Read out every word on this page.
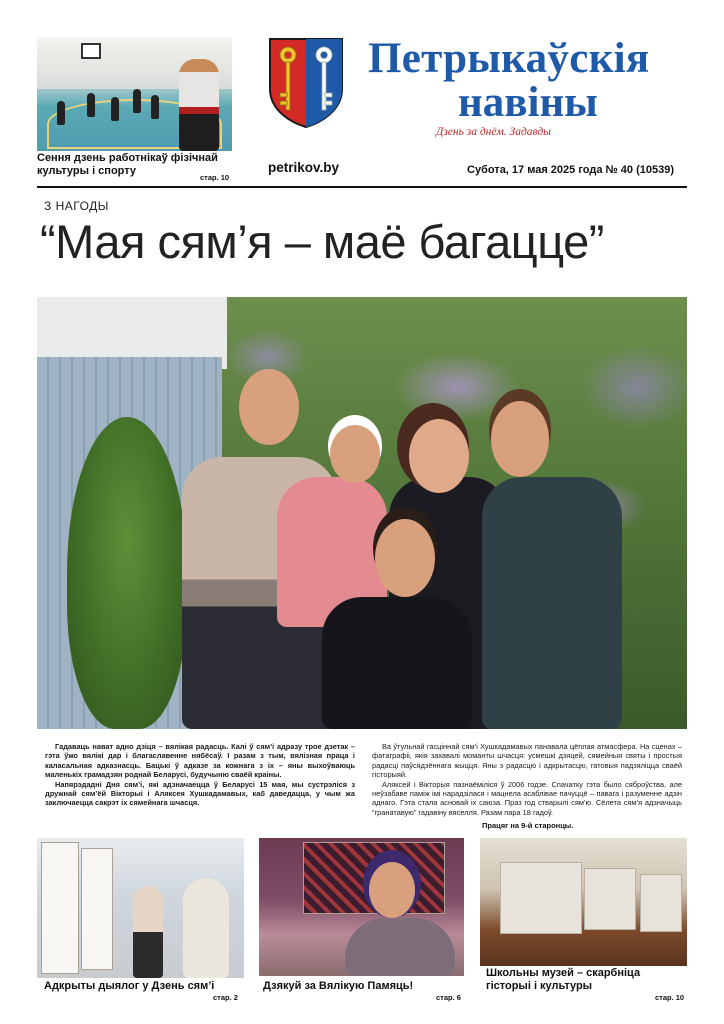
Сення дзень работнікаў фізічнай культуры і спорту
стар. 10
petrikov.by
Петрыкаўскія
навіны
Дзень за днём. Задавды
Субота, 17 мая 2025 года № 40 (10539)
З НАГОДЫ
“Мая сям’я – маё багацце”

Гадаваць нават адно дзіця – вялікая радасць. Калі ў сям’і адразу трое дзетак – гэта ўжо вялікі дар і благаславенне нябёсаў. І разам з тым, вялізная праца і каласальная адказнасць. Бацькі ў адказе за кожнага з іх – яны выхоўваюць маленькіх грамадзян роднай Беларусі, будучыню сваёй краіны.

Напярэдадні Дня сям’і, які адзначаецца ў Беларусі 15 мая, мы сустрэліся з дружнай сям’ёй Вікторыі і Аляксея Хушкадамавых, каб даведацца, у чым жа заключаецца сакрэт іх сямейнага шчасця.

Ва ўтульнай гасціннай сям’і Хушкадамавых панавала цёплая атмасфера. На сценах – фатаграфіі, якія захавалі моманты шчасця: усмешкі дзяцей, сямейныя святы і простыя радасці паўсядзённага жыцця. Яны з радасцю і адкрытасцю, гатовыя падзяліцца сваёй гісторыяй.

Аляксей і Вікторыя пазнаёміліся ў 2006 годзе. Спачатку гэта было сяброўства, але неўзабаве паміж імі нарадзілася і мацнела асаблівае пачуццё – павага і разуменне адзін аднаго. Гэта стала асновай іх саюза. Праз год стварылі сям’ю. Сёлета сям’я адзначыць “гранатавую” гадавіну вяселля. Разам пара 18 гадоў.

Працяг на 9-й старонцы.
Адкрыты дыялог у Дзень сям’і
стар. 2
Дзякуй за Вялікую Памяць!
стар. 6
Школьны музей – скарбніца гісторыі і культуры
стар. 10
